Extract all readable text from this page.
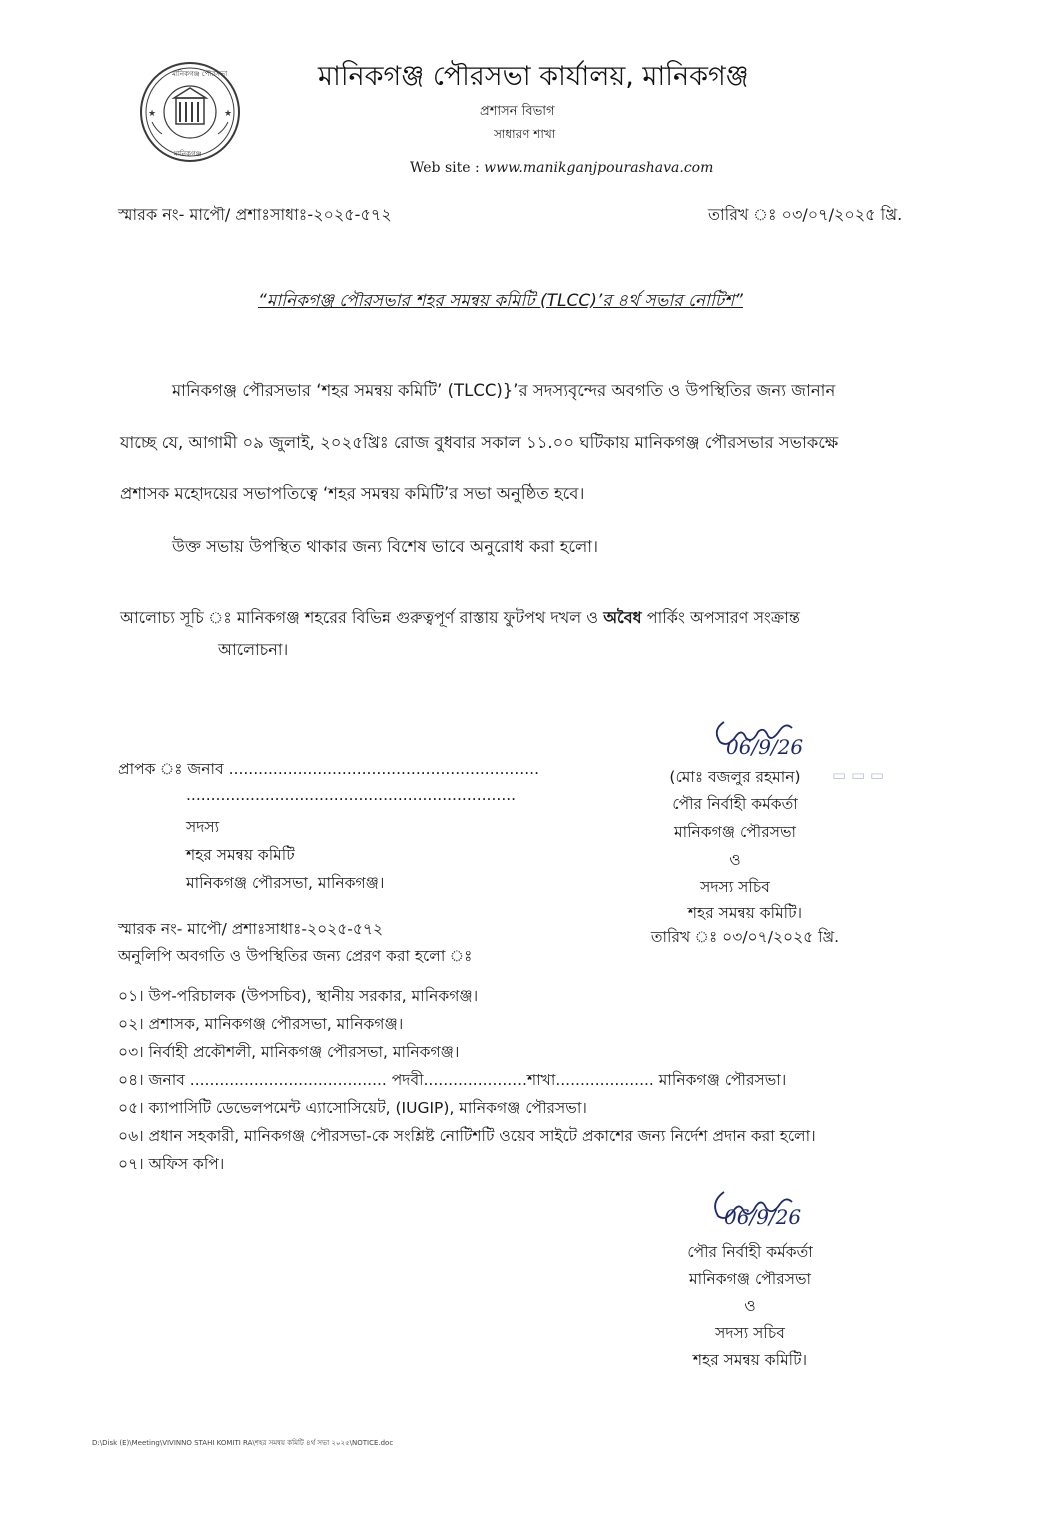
★	★
মানিকগঞ্জ পৌরসভা
মানিকগঞ্জ
মানিকগঞ্জ পৌরসভা কার্যালয়, মানিকগঞ্জ
প্রশাসন বিভাগ
সাধারণ শাখা
Web site : www.manikganjpourashava.com
স্মারক নং- মাপৌ/ প্রশাঃসাধাঃ-২০২৫-৫৭২	তারিখ ঃ ০৩/০৭/২০২৫ খ্রি.
“মানিকগঞ্জ পৌরসভার শহর সমন্বয় কমিটি (TLCC)’র ৪র্থ সভার নোটিশ”
মানিকগঞ্জ পৌরসভার ‘শহর সমন্বয় কমিটি’ (TLCC)}’র সদস্যবৃন্দের অবগতি ও উপস্থিতির জন্য জানান
যাচ্ছে যে, আগামী ০৯ জুলাই, ২০২৫খ্রিঃ রোজ বুধবার সকাল ১১.০০ ঘটিকায় মানিকগঞ্জ পৌরসভার সভাকক্ষে
প্রশাসক মহোদয়ের সভাপতিত্বে ‘শহর সমন্বয় কমিটি’র সভা অনুষ্ঠিত হবে।
উক্ত সভায় উপস্থিত থাকার জন্য বিশেষ ভাবে অনুরোধ করা হলো।
আলোচ্য সূচি ঃ মানিকগঞ্জ শহরের বিভিন্ন গুরুত্বপূর্ণ রাস্তায় ফুটপথ দখল ও অবৈধ পার্কিং অপসারণ সংক্রান্ত
আলোচনা।
06/9/26
(মোঃ বজলুর রহমান)
পৌর নির্বাহী কর্মকর্তা
মানিকগঞ্জ পৌরসভা
ও
সদস্য সচিব
শহর সমন্বয় কমিটি।
তারিখ ঃ ০৩/০৭/২০২৫ খ্রি.
▭ ▭ ▭
প্রাপক ঃ জনাব ...............................................................
...................................................................
সদস্য
শহর সমন্বয় কমিটি
মানিকগঞ্জ পৌরসভা, মানিকগঞ্জ।
স্মারক নং- মাপৌ/ প্রশাঃসাধাঃ-২০২৫-৫৭২
অনুলিপি অবগতি ও উপস্থিতির জন্য প্রেরণ করা হলো ঃ
০১। উপ-পরিচালক (উপসচিব), স্থানীয় সরকার, মানিকগঞ্জ।
০২। প্রশাসক, মানিকগঞ্জ পৌরসভা, মানিকগঞ্জ।
০৩। নির্বাহী প্রকৌশলী, মানিকগঞ্জ পৌরসভা, মানিকগঞ্জ।
০৪। জনাব ........................................ পদবী.....................শাখা.................... মানিকগঞ্জ পৌরসভা।
০৫। ক্যাপাসিটি ডেভেলপমেন্ট এ্যাসোসিয়েট, (IUGIP), মানিকগঞ্জ পৌরসভা।
০৬। প্রধান সহকারী, মানিকগঞ্জ পৌরসভা-কে সংশ্লিষ্ট নোটিশটি ওয়েব সাইটে প্রকাশের জন্য নির্দেশ প্রদান করা হলো।
০৭। অফিস কপি।
06/9/26
পৌর নির্বাহী কর্মকর্তা
মানিকগঞ্জ পৌরসভা
ও
সদস্য সচিব
শহর সমন্বয় কমিটি।
D:\Disk (E)\Meeting\VIVINNO STAHI KOMITI RA\শহর সমন্বয় কমিটি ৪র্থ সভা ২০২৫\NOTICE.doc
